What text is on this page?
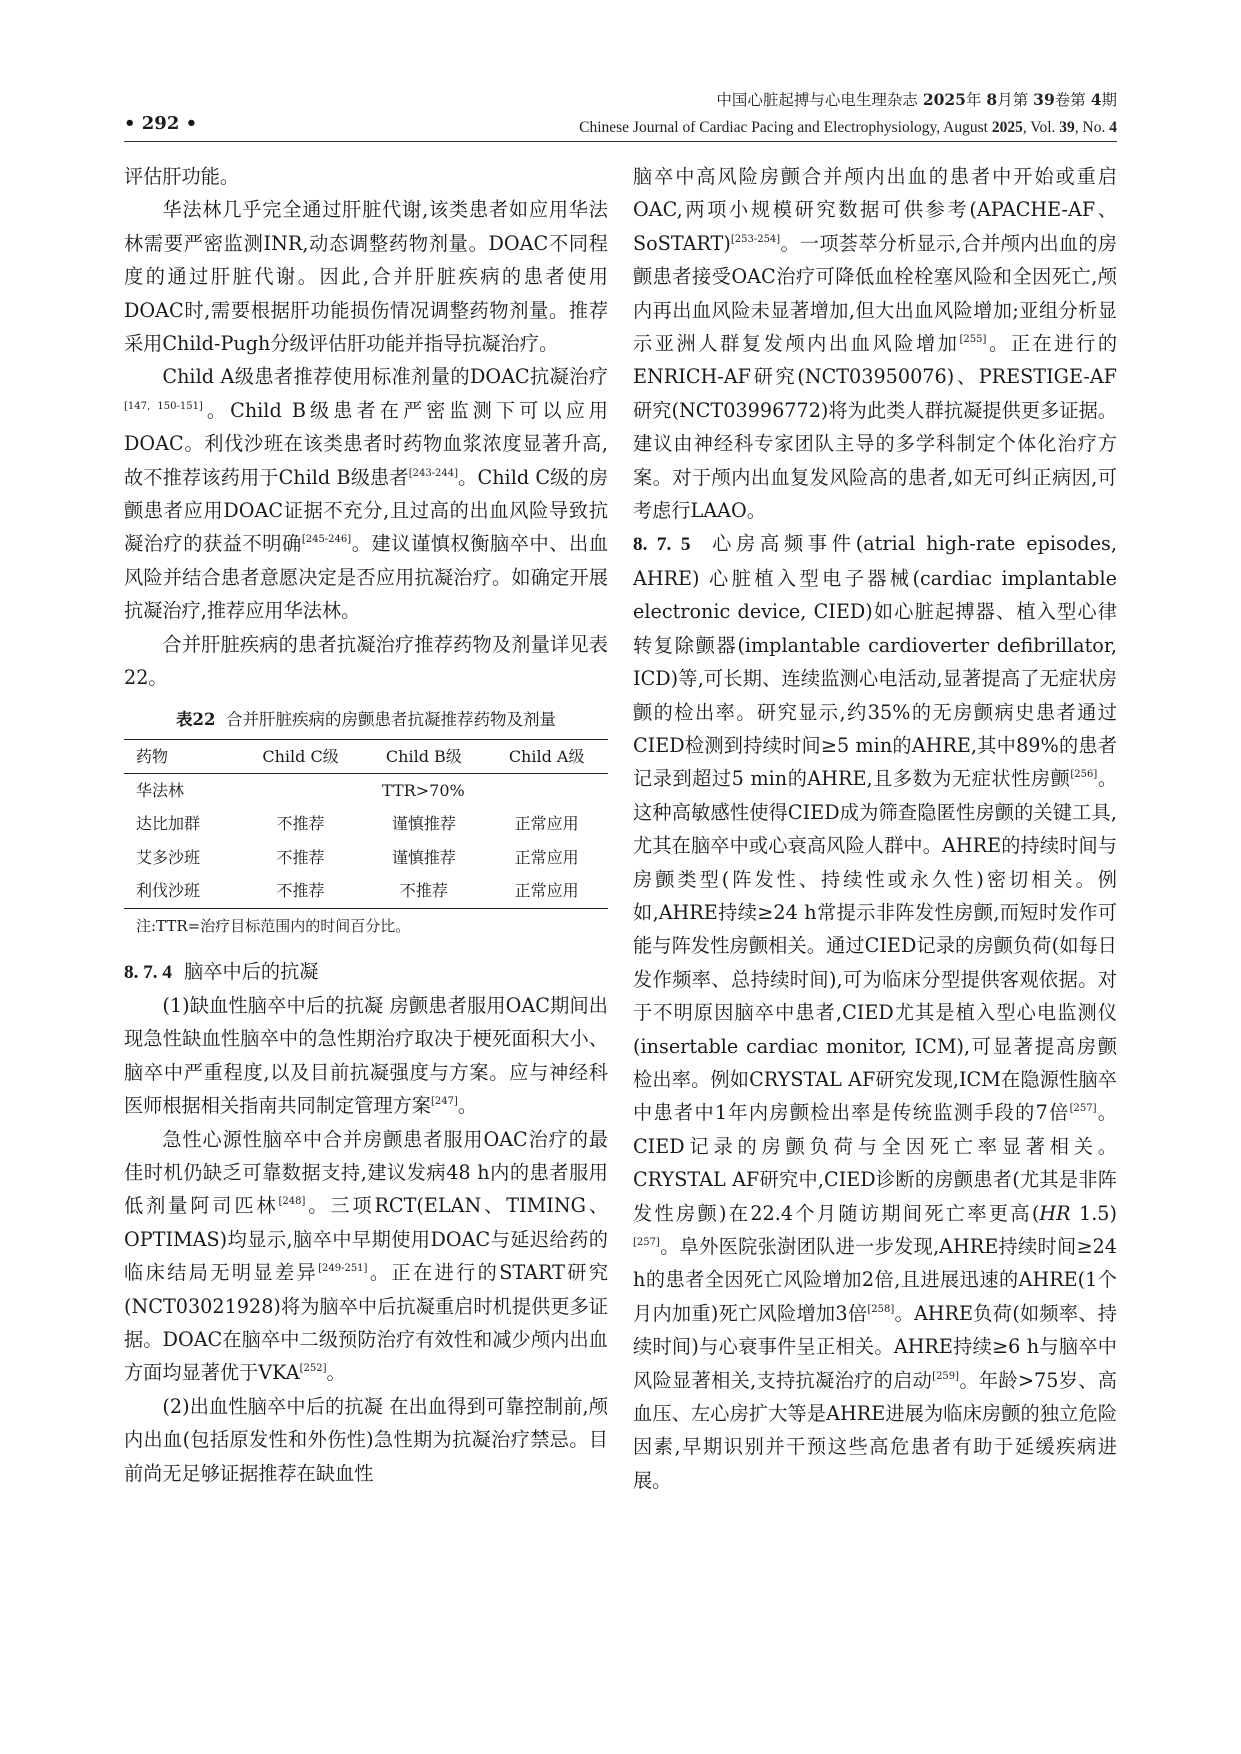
中国心脏起搏与心电生理杂志 2025年 8月第 39卷第 4期
Chinese Journal of Cardiac Pacing and Electrophysiology, August 2025, Vol. 39, No. 4
• 292 •

评估肝功能。

华法林几乎完全通过肝脏代谢,该类患者如应用华法林需要严密监测INR,动态调整药物剂量。DOAC不同程度的通过肝脏代谢。因此,合并肝脏疾病的患者使用DOAC时,需要根据肝功能损伤情况调整药物剂量。推荐采用Child-Pugh分级评估肝功能并指导抗凝治疗。

Child A级患者推荐使用标准剂量的DOAC抗凝治疗[147, 150-151]。Child B级患者在严密监测下可以应用DOAC。利伐沙班在该类患者时药物血浆浓度显著升高,故不推荐该药用于Child B级患者[243-244]。Child C级的房颤患者应用DOAC证据不充分,且过高的出血风险导致抗凝治疗的获益不明确[245-246]。建议谨慎权衡脑卒中、出血风险并结合患者意愿决定是否应用抗凝治疗。如确定开展抗凝治疗,推荐应用华法林。

合并肝脏疾病的患者抗凝治疗推荐药物及剂量详见表22。

表22 合并肝脏疾病的房颤患者抗凝推荐药物及剂量
药物	Child C级	Child B级	Child A级
华法林	TTR>70%		
达比加群	不推荐	谨慎推荐	正常应用
艾多沙班	不推荐	谨慎推荐	正常应用
利伐沙班	不推荐	不推荐	正常应用
注:TTR=治疗目标范围内的时间百分比。
8. 7. 4 脑卒中后的抗凝

(1)缺血性脑卒中后的抗凝 房颤患者服用OAC期间出现急性缺血性脑卒中的急性期治疗取决于梗死面积大小、脑卒中严重程度,以及目前抗凝强度与方案。应与神经科医师根据相关指南共同制定管理方案[247]。

急性心源性脑卒中合并房颤患者服用OAC治疗的最佳时机仍缺乏可靠数据支持,建议发病48 h内的患者服用低剂量阿司匹林[248]。三项RCT(ELAN、TIMING、OPTIMAS)均显示,脑卒中早期使用DOAC与延迟给药的临床结局无明显差异[249-251]。正在进行的START研究(NCT03021928)将为脑卒中后抗凝重启时机提供更多证据。DOAC在脑卒中二级预防治疗有效性和减少颅内出血方面均显著优于VKA[252]。

(2)出血性脑卒中后的抗凝 在出血得到可靠控制前,颅内出血(包括原发性和外伤性)急性期为抗凝治疗禁忌。目前尚无足够证据推荐在缺血性

脑卒中高风险房颤合并颅内出血的患者中开始或重启OAC,两项小规模研究数据可供参考(APACHE-AF、SoSTART)[253-254]。一项荟萃分析显示,合并颅内出血的房颤患者接受OAC治疗可降低血栓栓塞风险和全因死亡,颅内再出血风险未显著增加,但大出血风险增加;亚组分析显示亚洲人群复发颅内出血风险增加[255]。正在进行的ENRICH-AF研究(NCT03950076)、PRESTIGE-AF研究(NCT03996772)将为此类人群抗凝提供更多证据。建议由神经科专家团队主导的多学科制定个体化治疗方案。对于颅内出血复发风险高的患者,如无可纠正病因,可考虑行LAAO。

8. 7. 5 心房高频事件(atrial high-rate episodes, AHRE) 心脏植入型电子器械(cardiac implantable electronic device, CIED)如心脏起搏器、植入型心律转复除颤器(implantable cardioverter defibrillator, ICD)等,可长期、连续监测心电活动,显著提高了无症状房颤的检出率。研究显示,约35%的无房颤病史患者通过CIED检测到持续时间≥5 min的AHRE,其中89%的患者记录到超过5 min的AHRE,且多数为无症状性房颤[256]。这种高敏感性使得CIED成为筛查隐匿性房颤的关键工具,尤其在脑卒中或心衰高风险人群中。AHRE的持续时间与房颤类型(阵发性、持续性或永久性)密切相关。例如,AHRE持续≥24 h常提示非阵发性房颤,而短时发作可能与阵发性房颤相关。通过CIED记录的房颤负荷(如每日发作频率、总持续时间),可为临床分型提供客观依据。对于不明原因脑卒中患者,CIED尤其是植入型心电监测仪(insertable cardiac monitor, ICM),可显著提高房颤检出率。例如CRYSTAL AF研究发现,ICM在隐源性脑卒中患者中1年内房颤检出率是传统监测手段的7倍[257]。CIED记录的房颤负荷与全因死亡率显著相关。CRYSTAL AF研究中,CIED诊断的房颤患者(尤其是非阵发性房颤)在22.4个月随访期间死亡率更高(HR 1.5)[257]。阜外医院张澍团队进一步发现,AHRE持续时间≥24 h的患者全因死亡风险增加2倍,且进展迅速的AHRE(1个月内加重)死亡风险增加3倍[258]。AHRE负荷(如频率、持续时间)与心衰事件呈正相关。AHRE持续≥6 h与脑卒中风险显著相关,支持抗凝治疗的启动[259]。年龄>75岁、高血压、左心房扩大等是AHRE进展为临床房颤的独立危险因素,早期识别并干预这些高危患者有助于延缓疾病进展。
